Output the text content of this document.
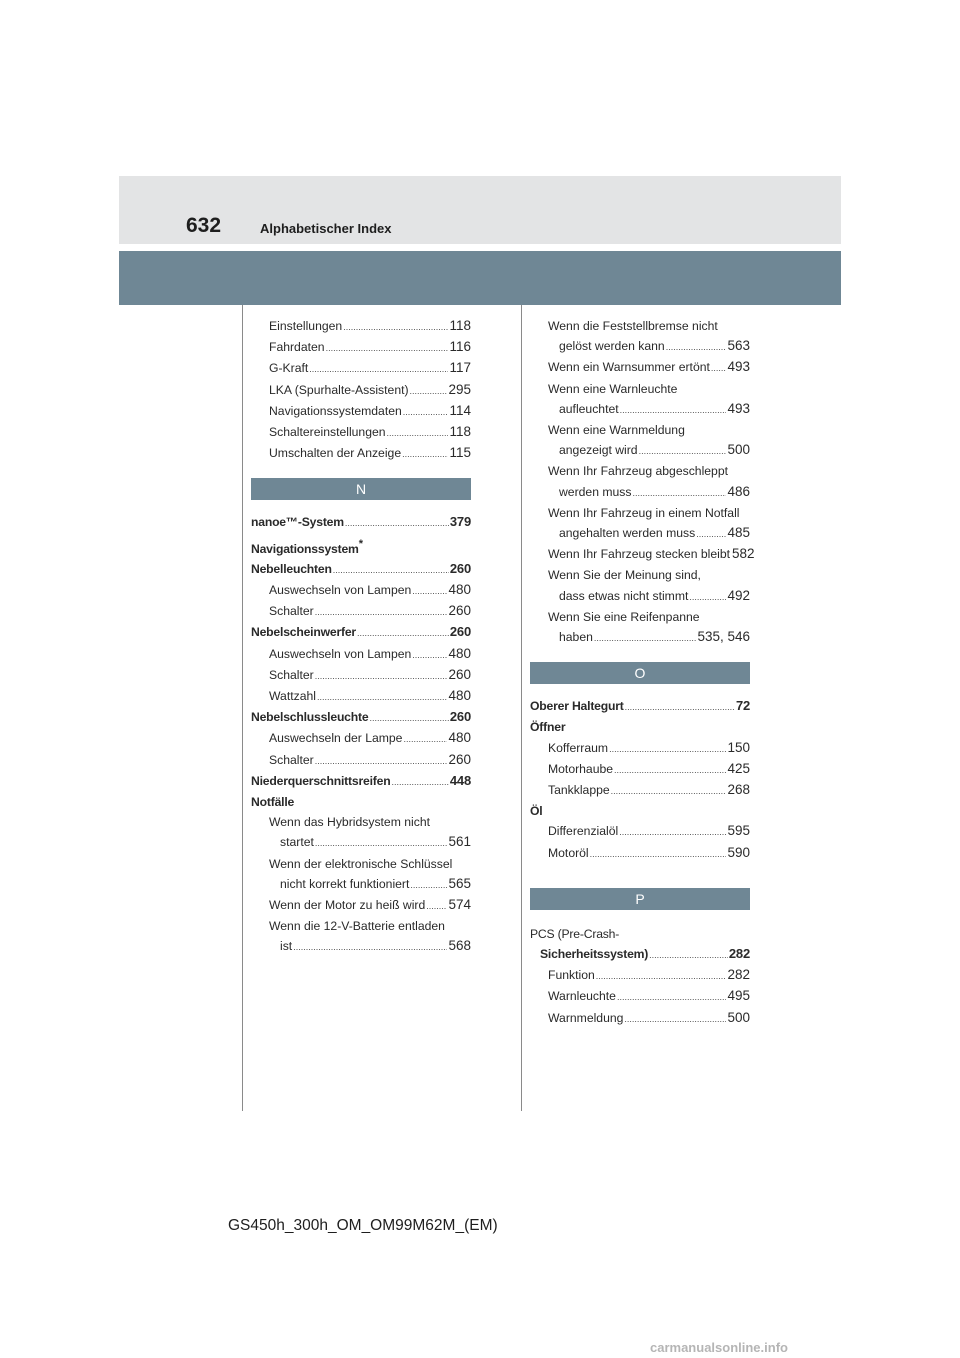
632	Alphabetischer Index
Einstellungen .....	118
Fahrdaten .....	116
G-Kraft .....	117
LKA (Spurhalte-Assistent) .....	295
Navigationssystemdaten .....	114
Schaltereinstellungen .....	118
Umschalten der Anzeige .....	115
N
nanoe™-System .....	379
Navigationssystem*
Nebelleuchten .....	260
Auswechseln von Lampen .....	480
Schalter .....	260
Nebelscheinwerfer .....	260
Auswechseln von Lampen .....	480
Schalter .....	260
Wattzahl .....	480
Nebelschlussleuchte .....	260
Auswechseln der Lampe .....	480
Schalter .....	260
Niederquerschnittsreifen .....	448
Notfälle
Wenn das Hybridsystem nicht
startet .....	561
Wenn der elektronische Schlüssel
nicht korrekt funktioniert .....	565
Wenn der Motor zu heiß wird ..... 574
Wenn die 12-V-Batterie entladen
ist .....	568
Wenn die Feststellbremse nicht
gelöst werden kann .....	563
Wenn ein Warnsummer ertönt ..... 493
Wenn eine Warnleuchte
aufleuchtet .....	493
Wenn eine Warnmeldung
angezeigt wird .....	500
Wenn Ihr Fahrzeug abgeschleppt
werden muss .....	486
Wenn Ihr Fahrzeug in einem Notfall
angehalten werden muss ..... 485
Wenn Ihr Fahrzeug stecken bleibt 582
Wenn Sie der Meinung sind,
dass etwas nicht stimmt .....	492
Wenn Sie eine Reifenpanne
haben .....	535, 546
O
Oberer Haltegurt .....	72
Öffner
Kofferraum .....	150
Motorhaube .....	425
Tankklappe .....	268
Öl
Differenzialöl .....	595
Motoröl .....	590
P
PCS (Pre-Crash-
Sicherheitssystem) .....	282
Funktion .....	282
Warnleuchte .....	495
Warnmeldung .....	500
GS450h_300h_OM_OM99M62M_(EM)
carmanualsonline.info
